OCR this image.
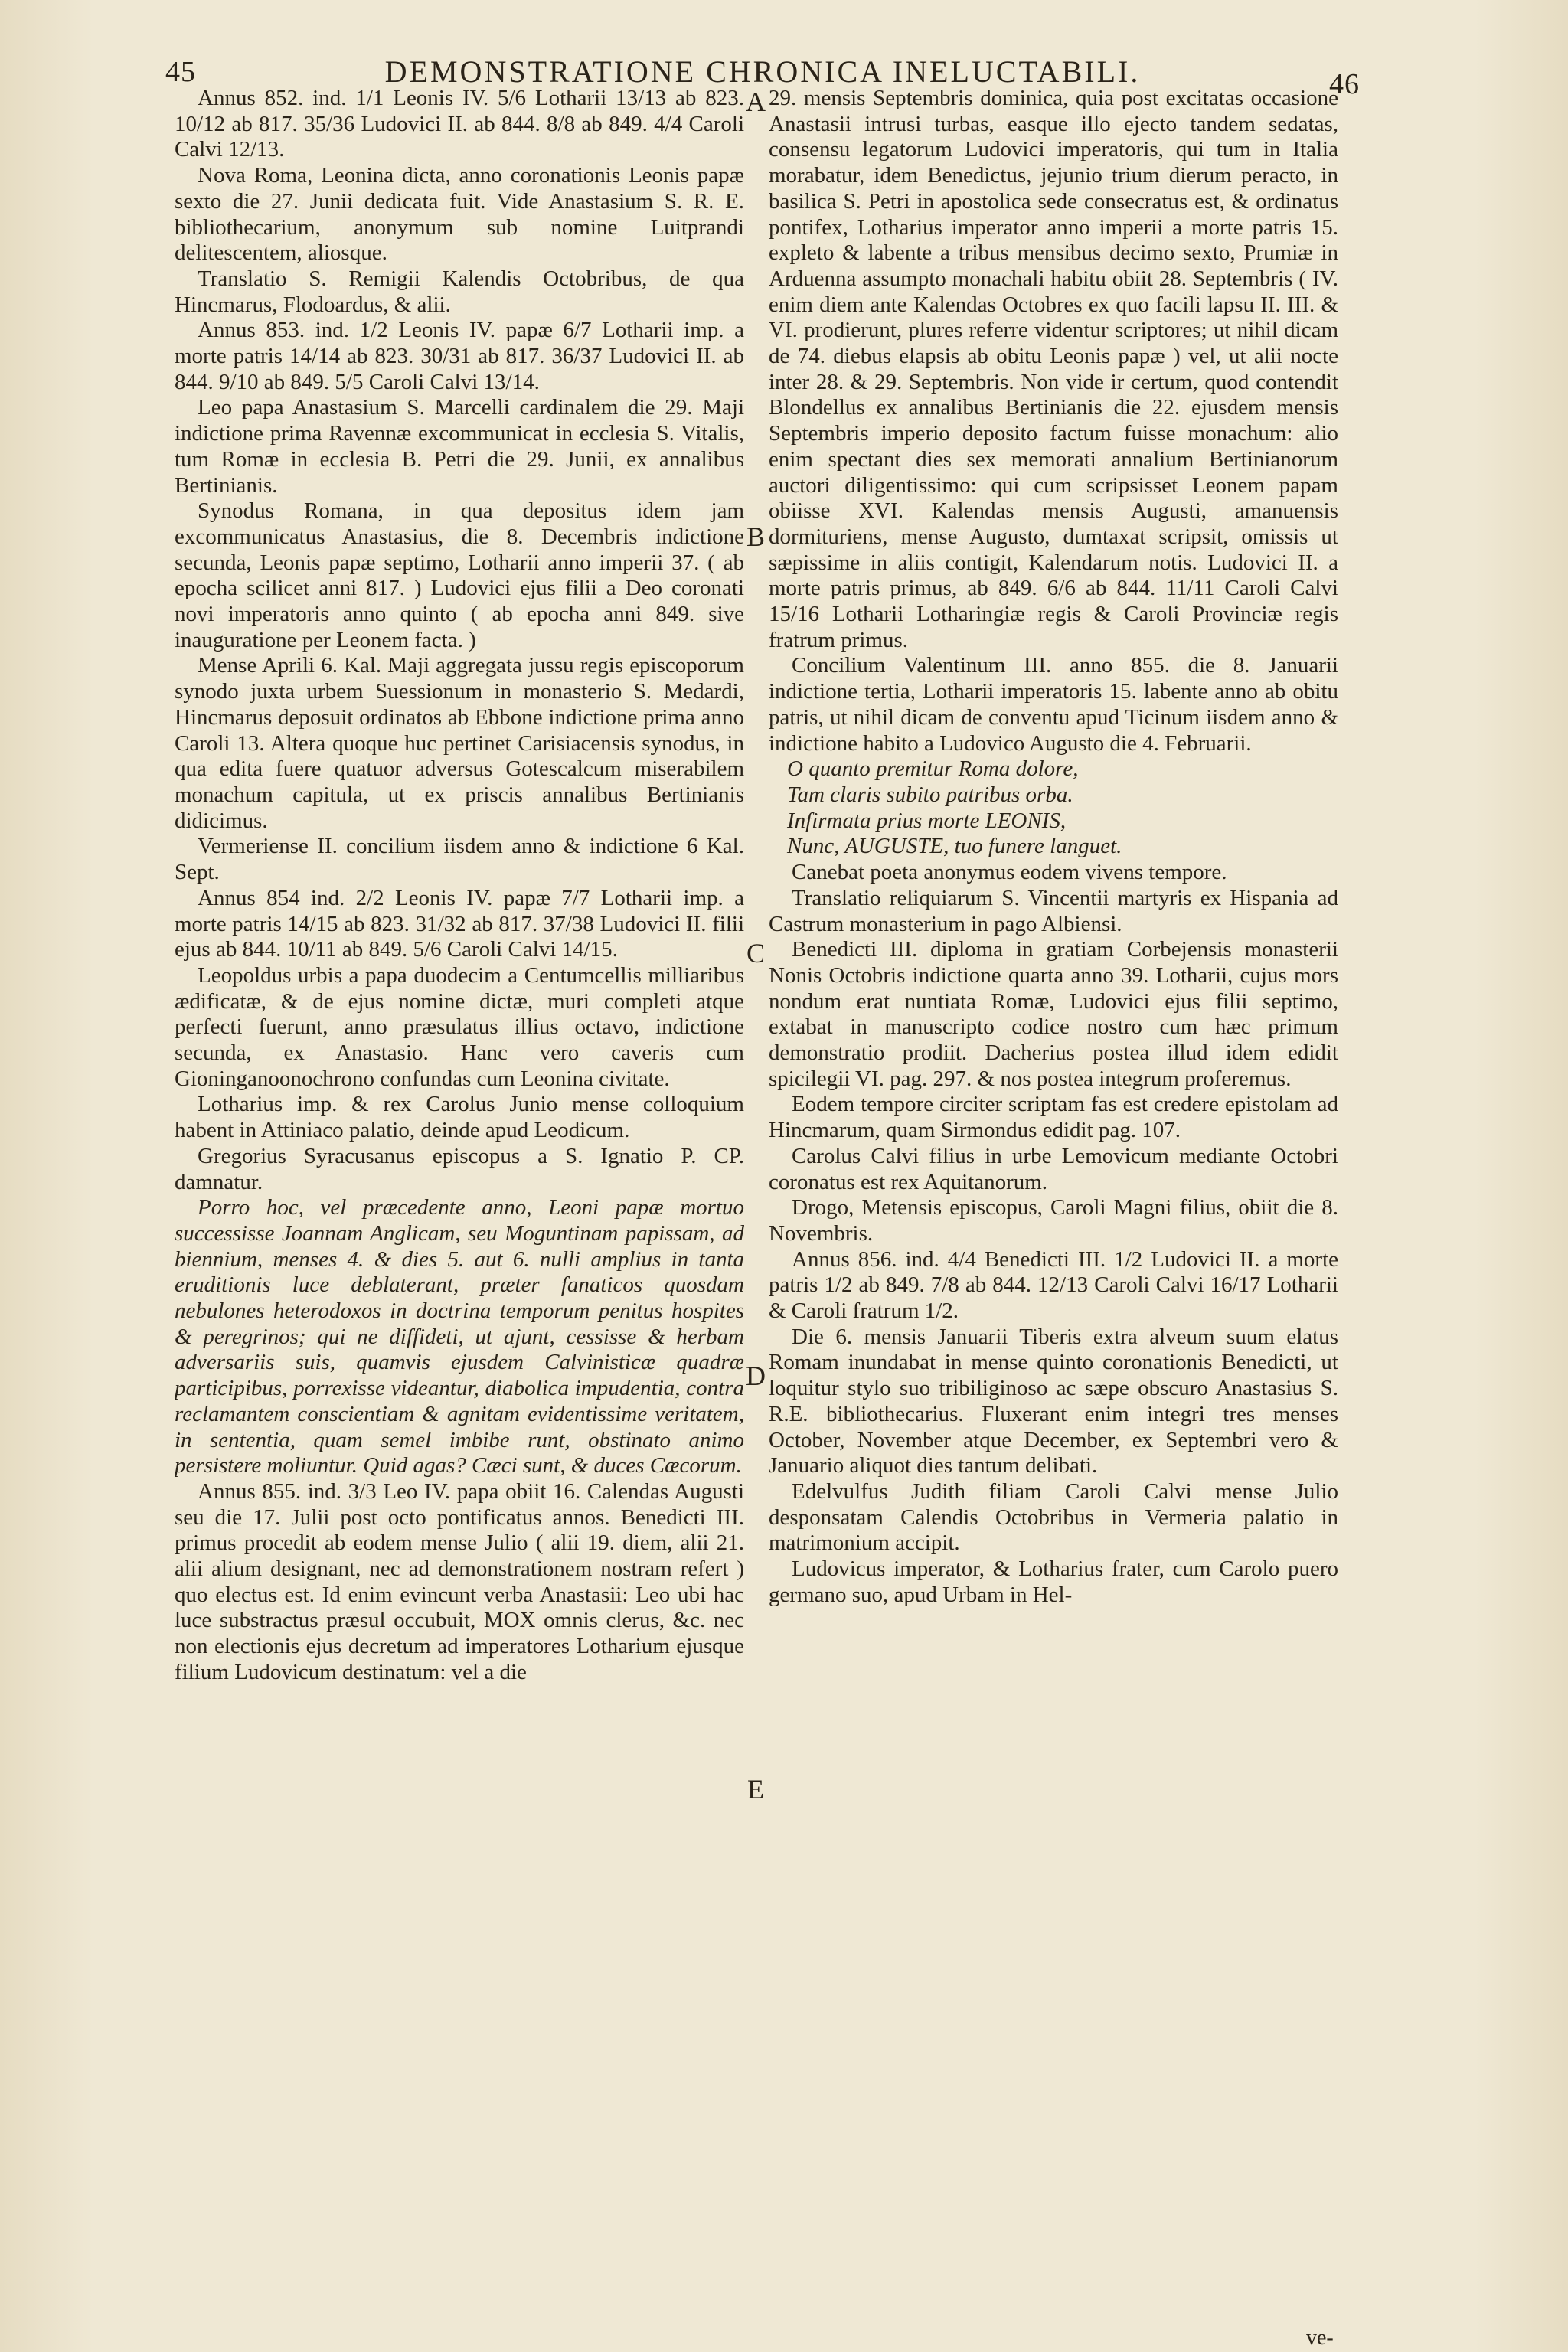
45	DEMONSTRATIONE CHRONICA INELUCTABILI.	46

Annus 852. ind. 1/1 Leonis IV. 5/6 Lotharii 13/13 ab 823. 10/12 ab 817. 35/36 Ludovici II. ab 844. 8/8 ab 849. 4/4 Caroli Calvi 12/13.

Nova Roma, Leonina dicta, anno coronationis Leonis papæ sexto die 27. Junii dedicata fuit. Vide Anastasium S. R. E. bibliothecarium, anonymum sub nomine Luitprandi delitescentem, aliosque.

Translatio S. Remigii Kalendis Octobribus, de qua Hincmarus, Flodoardus, & alii.

Annus 853. ind. 1/2 Leonis IV. papæ 6/7 Lotharii imp. a morte patris 14/14 ab 823. 30/31 ab 817. 36/37 Ludovici II. ab 844. 9/10 ab 849. 5/5 Caroli Calvi 13/14.

Leo papa Anastasium S. Marcelli cardinalem die 29. Maji indictione prima Ravennæ excommunicat in ecclesia S. Vitalis, tum Romæ in ecclesia B. Petri die 29. Junii, ex annalibus Bertinianis.

Synodus Romana, in qua depositus idem jam excommunicatus Anastasius, die 8. Decembris indictione secunda, Leonis papæ septimo, Lotharii anno imperii 37. ( ab epocha scilicet anni 817. ) Ludovici ejus filii a Deo coronati novi imperatoris anno quinto ( ab epocha anni 849. sive inauguratione per Leonem facta. )

Mense Aprili 6. Kal. Maji aggregata jussu regis episcoporum synodo juxta urbem Suessionum in monasterio S. Medardi, Hincmarus deposuit ordinatos ab Ebbone indictione prima anno Caroli 13. Altera quoque huc pertinet Carisiacensis synodus, in qua edita fuere quatuor adversus Gotescalcum miserabilem monachum capitula, ut ex priscis annalibus Bertinianis didicimus.

Vermeriense II. concilium iisdem anno & indictione 6 Kal. Sept.

Annus 854 ind. 2/2 Leonis IV. papæ 7/7 Lotharii imp. a morte patris 14/15 ab 823. 31/32 ab 817. 37/38 Ludovici II. filii ejus ab 844. 10/11 ab 849. 5/6 Caroli Calvi 14/15.

Leopoldus urbis a papa duodecim a Centumcellis milliaribus ædificatæ, & de ejus nomine dictæ, muri completi atque perfecti fuerunt, anno præsulatus illius octavo, indictione secunda, ex Anastasio. Hanc vero caveris cum Gioninganoonochrono confundas cum Leonina civitate.

Lotharius imp. & rex Carolus Junio mense colloquium habent in Attiniaco palatio, deinde apud Leodicum.

Gregorius Syracusanus episcopus a S. Ignatio P. CP. damnatur.

Porro hoc, vel præcedente anno, Leoni papæ mortuo successisse Joannam Anglicam, seu Moguntinam papissam, ad biennium, menses 4. & dies 5. aut 6. nulli amplius in tanta eruditionis luce deblaterant, præter fanaticos quosdam nebulones heterodoxos in doctrina temporum penitus hospites & peregrinos; qui ne diffideti, ut ajunt, cessisse & herbam adversariis suis, quamvis ejusdem Calvinisticæ quadræ participibus, porrexisse videantur, diabolica impudentia, contra reclamantem conscientiam & agnitam evidentissime veritatem, in sententia, quam semel imbibe runt, obstinato animo persistere moliuntur. Quid agas? Cæci sunt, & duces Cæcorum.

Annus 855. ind. 3/3 Leo IV. papa obiit 16. Calendas Augusti seu die 17. Julii post octo pontificatus annos. Benedicti III. primus procedit ab eodem mense Julio ( alii 19. diem, alii 21. alii alium designant, nec ad demonstrationem nostram refert ) quo electus est. Id enim evincunt verba Anastasii: Leo ubi hac luce substractus præsul occubuit, MOX omnis clerus, &c. nec non electionis ejus decretum ad imperatores Lotharium ejusque filium Ludovicum destinatum: vel a die

A
B
C
D
E

29. mensis Septembris dominica, quia post excitatas occasione Anastasii intrusi turbas, easque illo ejecto tandem sedatas, consensu legatorum Ludovici imperatoris, qui tum in Italia morabatur, idem Benedictus, jejunio trium dierum peracto, in basilica S. Petri in apostolica sede consecratus est, & ordinatus pontifex, Lotharius imperator anno imperii a morte patris 15. expleto & labente a tribus mensibus decimo sexto, Prumiæ in Arduenna assumpto monachali habitu obiit 28. Septembris ( IV. enim diem ante Kalendas Octobres ex quo facili lapsu II. III. & VI. prodierunt, plures referre videntur scriptores; ut nihil dicam de 74. diebus elapsis ab obitu Leonis papæ ) vel, ut alii nocte inter 28. & 29. Septembris. Non vide ir certum, quod contendit Blondellus ex annalibus Bertinianis die 22. ejusdem mensis Septembris imperio deposito factum fuisse monachum: alio enim spectant dies sex memorati annalium Bertinianorum auctori diligentissimo: qui cum scripsisset Leonem papam obiisse XVI. Kalendas mensis Augusti, amanuensis dormituriens, mense Augusto, dumtaxat scripsit, omissis ut sæpissime in aliis contigit, Kalendarum notis. Ludovici II. a morte patris primus, ab 849. 6/6 ab 844. 11/11 Caroli Calvi 15/16 Lotharii Lotharingiæ regis & Caroli Provinciæ regis fratrum primus.

Concilium Valentinum III. anno 855. die 8. Januarii indictione tertia, Lotharii imperatoris 15. labente anno ab obitu patris, ut nihil dicam de conventu apud Ticinum iisdem anno & indictione habito a Ludovico Augusto die 4. Februarii.

O quanto premitur Roma dolore,

Tam claris subito patribus orba.

Infirmata prius morte LEONIS,

Nunc, AUGUSTE, tuo funere languet.

Canebat poeta anonymus eodem vivens tempore.

Translatio reliquiarum S. Vincentii martyris ex Hispania ad Castrum monasterium in pago Albiensi.

Benedicti III. diploma in gratiam Corbejensis monasterii Nonis Octobris indictione quarta anno 39. Lotharii, cujus mors nondum erat nuntiata Romæ, Ludovici ejus filii septimo, extabat in manuscripto codice nostro cum hæc primum demonstratio prodiit. Dacherius postea illud idem edidit spicilegii VI. pag. 297. & nos postea integrum proferemus.

Eodem tempore circiter scriptam fas est credere epistolam ad Hincmarum, quam Sirmondus edidit pag. 107.

Carolus Calvi filius in urbe Lemovicum mediante Octobri coronatus est rex Aquitanorum.

Drogo, Metensis episcopus, Caroli Magni filius, obiit die 8. Novembris.

Annus 856. ind. 4/4 Benedicti III. 1/2 Ludovici II. a morte patris 1/2 ab 849. 7/8 ab 844. 12/13 Caroli Calvi 16/17 Lotharii & Caroli fratrum 1/2.

Die 6. mensis Januarii Tiberis extra alveum suum elatus Romam inundabat in mense quinto coronationis Benedicti, ut loquitur stylo suo tribiliginoso ac sæpe obscuro Anastasius S. R.E. bibliothecarius. Fluxerant enim integri tres menses October, November atque December, ex Septembri vero & Januario aliquot dies tantum delibati.

Edelvulfus Judith filiam Caroli Calvi mense Julio desponsatam Calendis Octobribus in Vermeria palatio in matrimonium accipit.

Ludovicus imperator, & Lotharius frater, cum Carolo puero germano suo, apud Urbam in Hel-

ve-
